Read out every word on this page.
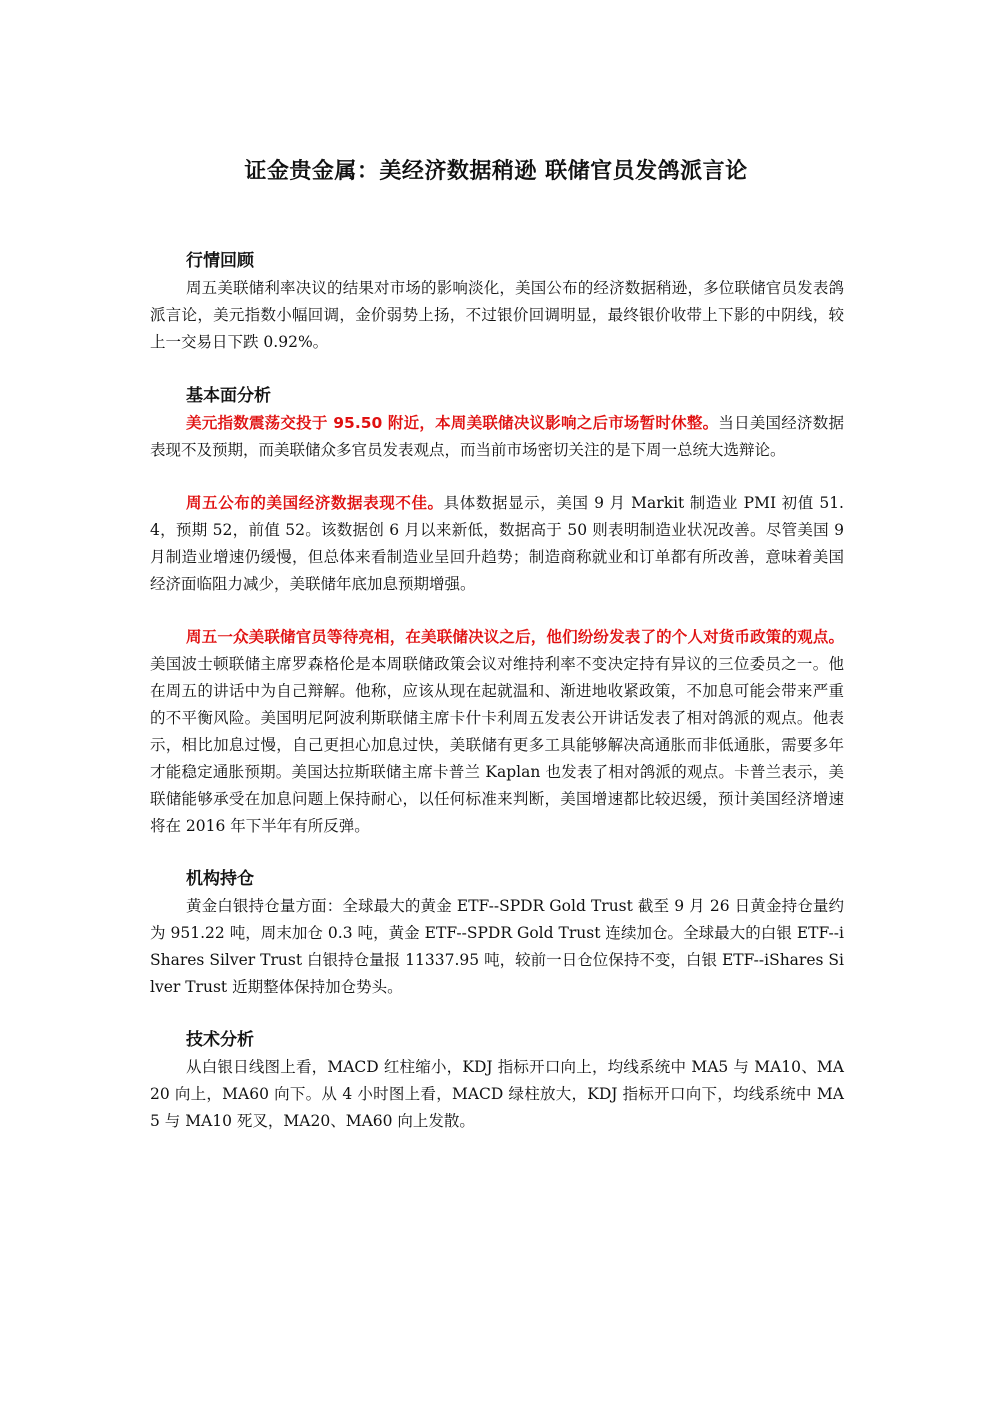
证金贵金属：美经济数据稍逊 联储官员发鸽派言论
行情回顾

周五美联储利率决议的结果对市场的影响淡化，美国公布的经济数据稍逊，多位联储官员发表鸽派言论，美元指数小幅回调，金价弱势上扬，不过银价回调明显，最终银价收带上下影的中阴线，较上一交易日下跌 0.92%。

基本面分析

美元指数震荡交投于 95.50 附近，本周美联储决议影响之后市场暂时休整。当日美国经济数据表现不及预期，而美联储众多官员发表观点，而当前市场密切关注的是下周一总统大选辩论。

周五公布的美国经济数据表现不佳。具体数据显示，美国 9 月 Markit 制造业 PMI 初值 51.4，预期 52，前值 52。该数据创 6 月以来新低，数据高于 50 则表明制造业状况改善。尽管美国 9 月制造业增速仍缓慢，但总体来看制造业呈回升趋势；制造商称就业和订单都有所改善，意味着美国经济面临阻力减少，美联储年底加息预期增强。

周五一众美联储官员等待亮相，在美联储决议之后，他们纷纷发表了的个人对货币政策的观点。美国波士顿联储主席罗森格伦是本周联储政策会议对维持利率不变决定持有异议的三位委员之一。他在周五的讲话中为自己辩解。他称，应该从现在起就温和、渐进地收紧政策，不加息可能会带来严重的不平衡风险。美国明尼阿波利斯联储主席卡什卡利周五发表公开讲话发表了相对鸽派的观点。他表示，相比加息过慢，自己更担心加息过快，美联储有更多工具能够解决高通胀而非低通胀，需要多年才能稳定通胀预期。美国达拉斯联储主席卡普兰 Kaplan 也发表了相对鸽派的观点。卡普兰表示，美联储能够承受在加息问题上保持耐心，以任何标准来判断，美国增速都比较迟缓，预计美国经济增速将在 2016 年下半年有所反弹。

机构持仓

黄金白银持仓量方面：全球最大的黄金 ETF--SPDR Gold Trust 截至 9 月 26 日黄金持仓量约为 951.22 吨，周末加仓 0.3 吨，黄金 ETF--SPDR Gold Trust 连续加仓。全球最大的白银 ETF--iShares Silver Trust 白银持仓量报 11337.95 吨，较前一日仓位保持不变，白银 ETF--iShares Silver Trust 近期整体保持加仓势头。

技术分析

从白银日线图上看，MACD 红柱缩小，KDJ 指标开口向上，均线系统中 MA5 与 MA10、MA20 向上，MA60 向下。从 4 小时图上看，MACD 绿柱放大，KDJ 指标开口向下，均线系统中 MA5 与 MA10 死叉，MA20、MA60 向上发散。
